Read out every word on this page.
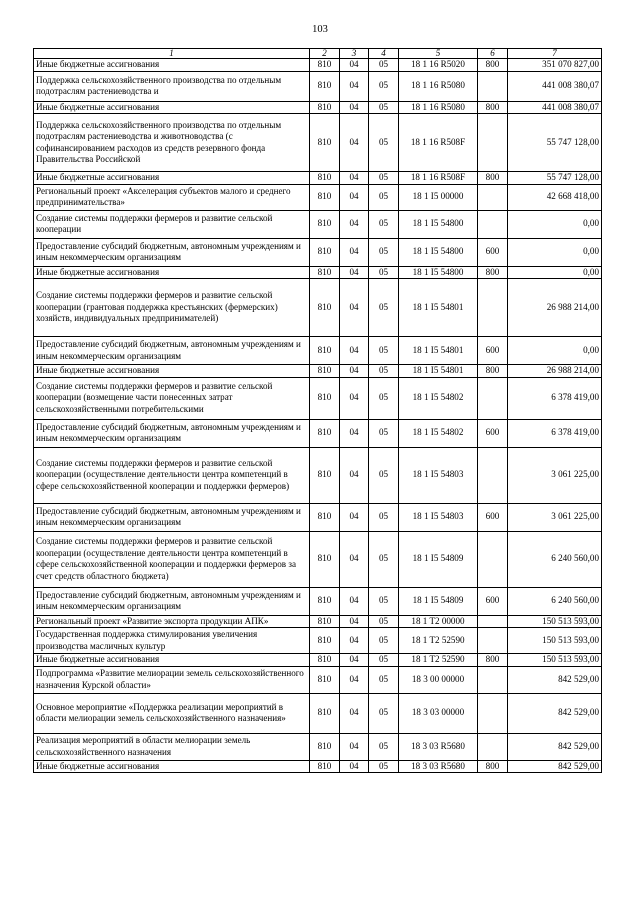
103
1	2	3	4	5	6	7
Иные бюджетные ассигнования	810	04	05	18 1 16 R5020	800	351 070 827,00
Поддержка сельскохозяйственного производства по отдельным подотраслям растениеводства и	810	04	05	18 1 16 R5080		441 008 380,07
Иные бюджетные ассигнования	810	04	05	18 1 16 R5080	800	441 008 380,07
Поддержка сельскохозяйственного производства по отдельным подотраслям растениеводства и животноводства (с софинансированием расходов из средств резервного фонда Правительства Российской	810	04	05	18 1 16 R508F		55 747 128,00
Иные бюджетные ассигнования	810	04	05	18 1 16 R508F	800	55 747 128,00
Региональный проект «Акселерация субъектов малого и среднего предпринимательства»	810	04	05	18 1 I5 00000		42 668 418,00
Создание системы поддержки фермеров и развитие сельской кооперации	810	04	05	18 1 I5 54800		0,00
Предоставление субсидий бюджетным, автономным учреждениям и иным некоммерческим организациям	810	04	05	18 1 I5 54800	600	0,00
Иные бюджетные ассигнования	810	04	05	18 1 I5 54800	800	0,00
Создание системы поддержки фермеров и развитие сельской кооперации (грантовая поддержка крестьянских (фермерских) хозяйств, индивидуальных предпринимателей)	810	04	05	18 1 I5 54801		26 988 214,00
Предоставление субсидий бюджетным, автономным учреждениям и иным некоммерческим организациям	810	04	05	18 1 I5 54801	600	0,00
Иные бюджетные ассигнования	810	04	05	18 1 I5 54801	800	26 988 214,00
Создание системы поддержки фермеров и развитие сельской кооперации (возмещение части понесенных затрат сельскохозяйственными потребительскими	810	04	05	18 1 I5 54802		6 378 419,00
Предоставление субсидий бюджетным, автономным учреждениям и иным некоммерческим организациям	810	04	05	18 1 I5 54802	600	6 378 419,00
Создание системы поддержки фермеров и развитие сельской кооперации (осуществление деятельности центра компетенций в сфере сельскохозяйственной кооперации и поддержки фермеров)	810	04	05	18 1 I5 54803		3 061 225,00
Предоставление субсидий бюджетным, автономным учреждениям и иным некоммерческим организациям	810	04	05	18 1 I5 54803	600	3 061 225,00
Создание системы поддержки фермеров и развитие сельской кооперации (осуществление деятельности центра компетенций в сфере сельскохозяйственной кооперации и поддержки фермеров за счет средств областного бюджета)	810	04	05	18 1 I5 54809		6 240 560,00
Предоставление субсидий бюджетным, автономным учреждениям и иным некоммерческим организациям	810	04	05	18 1 I5 54809	600	6 240 560,00
Региональный проект «Развитие экспорта продукции АПК»	810	04	05	18 1 T2 00000		150 513 593,00
Государственная поддержка стимулирования увеличения производства масличных культур	810	04	05	18 1 T2 52590		150 513 593,00
Иные бюджетные ассигнования	810	04	05	18 1 T2 52590	800	150 513 593,00
Подпрограмма «Развитие мелиорации земель сельскохозяйственного назначения Курской области»	810	04	05	18 3 00 00000		842 529,00
Основное мероприятие «Поддержка реализации мероприятий в области мелиорации земель сельскохозяйственного назначения»	810	04	05	18 3 03 00000		842 529,00
Реализация мероприятий в области мелиорации земель сельскохозяйственного назначения	810	04	05	18 3 03 R5680		842 529,00
Иные бюджетные ассигнования	810	04	05	18 3 03 R5680	800	842 529,00
